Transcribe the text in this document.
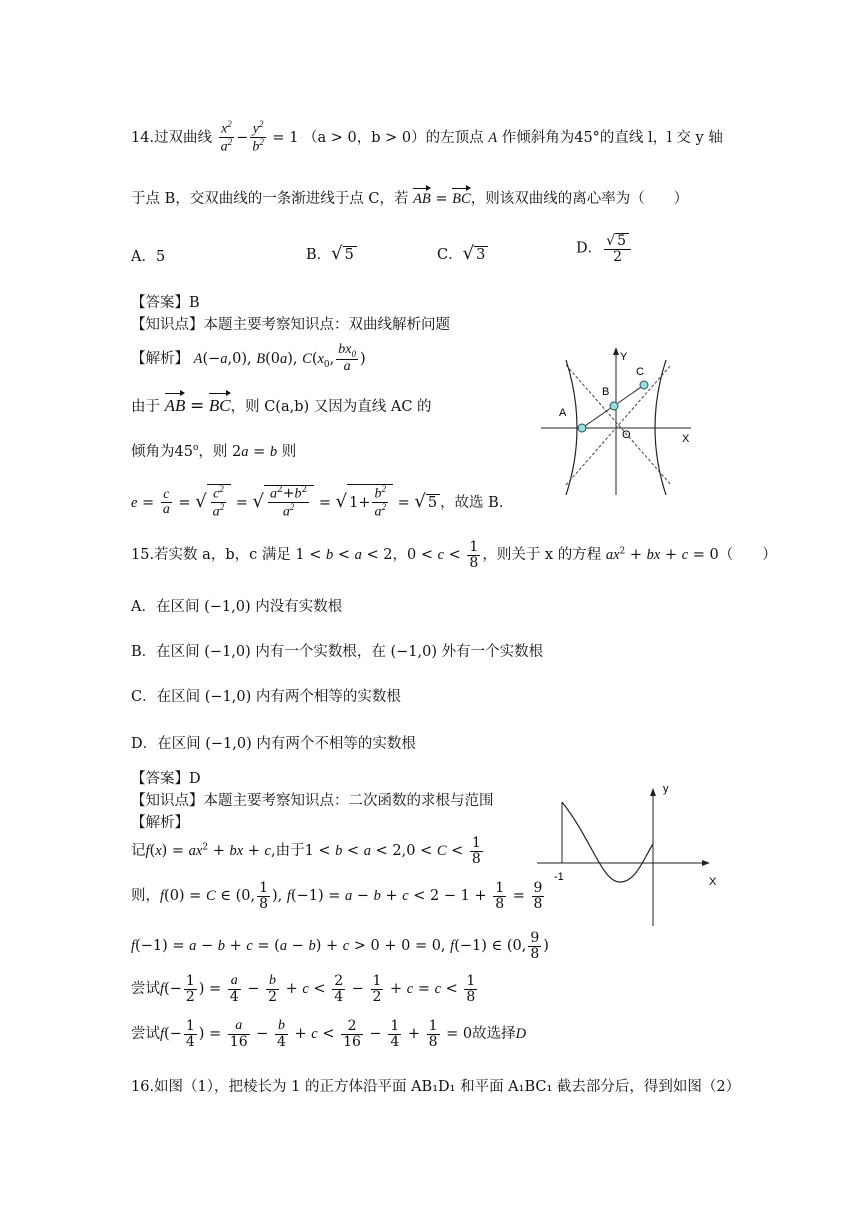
14.过双曲线 $\frac{x^2}{a^2} - \frac{y^2}{b^2} = 1$ （a > 0，b > 0）的左顶点 A 作倾斜角为45°的直线 l，l 交 y 轴
于点 B，交双曲线的一条渐进线于点 C，若 AB = BC，则该双曲线的离心率为（　　）
A．5	B．√ 5	C．√ 3	D． $\frac{√ 5}{2}$
【答案】B
【知识点】本题主要考察知识点：双曲线解析问题
【解析】 A(−a,0), B(0a), $C(x_0$, $\frac{bx_0}{a}$ )
由于 AB = BC，则 C(a,b) 又因为直线 AC 的
倾角为45$^o$，则 2a = b 则
$e = \frac{c}{a}$ = √ $\frac{c^2}{a^2}$ = √ $\frac{a^2+b^2}{a^2}$ = √ $1+ \frac{b^2}{a^2}$ = √ 5 ，故选 B．
Y
X
O
A
B
C
15.若实数 a，b，c 满足 1 < b < a < 2，$0 < c < \frac{1}{8}$ ，则关于 x 的方程 $ax^2$ + bx + c = 0（　　）
A．在区间 (−1,0) 内没有实数根
B．在区间 (−1,0) 内有一个实数根，在 (−1,0) 外有一个实数根
C．在区间 (−1,0) 内有两个相等的实数根
D．在区间 (−1,0) 内有两个不相等的实数根
【答案】D
【知识点】本题主要考察知识点：二次函数的求根与范围
【解析】
记$f(x) = ax^2$ + bx + c,由于$1 < b < a < 2,0 < C < \frac{1}{8}$
则，f(0) = C ∈ (0, $\frac{1}{8}$ ), $f(-1) = a - b + c < 2 - 1 + \frac{1}{8} = \frac{9}{8}$
f(−1) = a − b + c = (a − b) + c > 0 + 0 = 0, f(−1) ∈ (0, $\frac{9}{8}$ )
尝试$f(- \frac{1}{2}$ ) = $\frac{a}{4} - \frac{b}{2} + c < \frac{2}{4} - \frac{1}{2} + c = c < \frac{1}{8}$
尝试$f(- \frac{1}{4}$ ) = $\frac{a}{16} - \frac{b}{4} + c < \frac{2}{16} - \frac{1}{4} + \frac{1}{8} = 0$故选择D
y
X
-1
16.如图（1），把棱长为 1 的正方体沿平面 AB₁D₁ 和平面 A₁BC₁ 截去部分后，得到如图（2）
